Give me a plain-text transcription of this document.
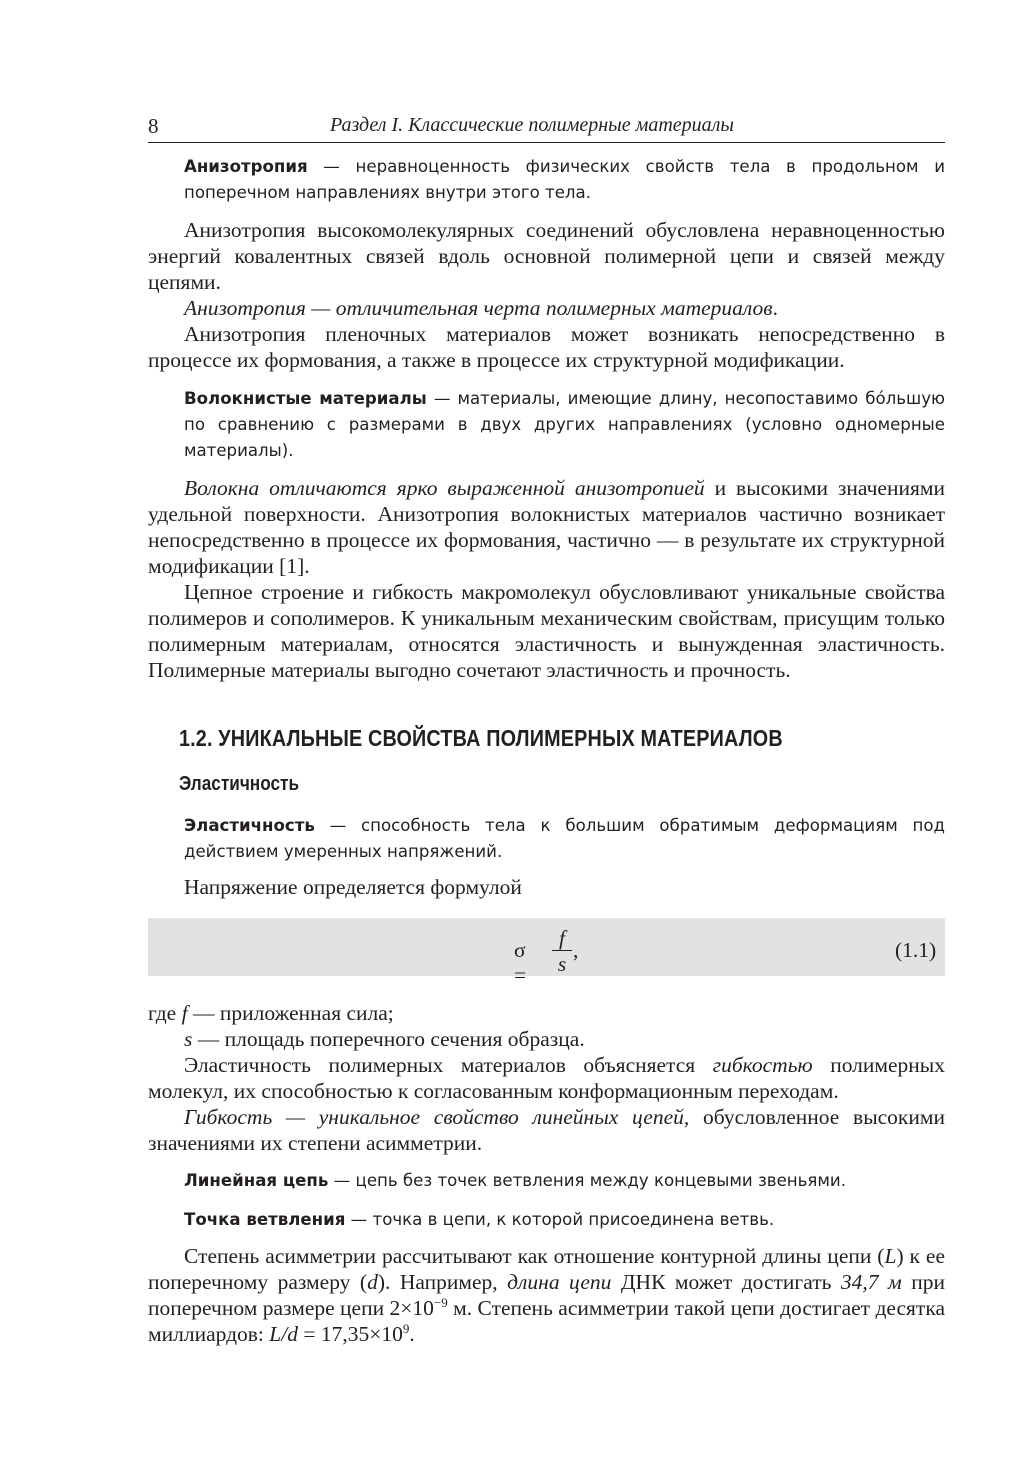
8	Раздел I. Классические полимерные материалы

Анизотропия — неравноценность физических свойств тела в продольном и поперечном направлениях внутри этого тела.

Анизотропия высокомолекулярных соединений обусловлена неравноценностью энергий ковалентных связей вдоль основной полимерной цепи и связей между цепями.

Анизотропия — отличительная черта полимерных материалов.

Анизотропия пленочных материалов может возникать непосредственно в процессе их формования, а также в процессе их структурной модификации.

Волокнистые материалы — материалы, имеющие длину, несопоставимо бóльшую по сравнению с размерами в двух других направлениях (условно одномерные материалы).

Волокна отличаются ярко выраженной анизотропией и высокими значениями удельной поверхности. Анизотропия волокнистых материалов частично возникает непосредственно в процессе их формования, частично — в результате их структурной модификации [1].

Цепное строение и гибкость макромолекул обусловливают уникальные свойства полимеров и сополимеров. К уникальным механическим свойствам, присущим только полимерным материалам, относятся эластичность и вынужденная эластичность. Полимерные материалы выгодно сочетают эластичность и прочность.

1.2. УНИКАЛЬНЫЕ СВОЙСТВА ПОЛИМЕРНЫХ МАТЕРИАЛОВ
Эластичность

Эластичность — способность тела к большим обратимым деформациям под действием умеренных напряжений.

Напряжение определяется формулой

σ =
f
s
,	(1.1)

где f — приложенная сила;

s — площадь поперечного сечения образца.

Эластичность полимерных материалов объясняется гибкостью полимерных молекул, их способностью к согласованным конформационным переходам.

Гибкость — уникальное свойство линейных цепей, обусловленное высокими значениями их степени асимметрии.

Линейная цепь — цепь без точек ветвления между концевыми звеньями.

Точка ветвления — точка в цепи, к которой присоединена ветвь.

Степень асимметрии рассчитывают как отношение контурной длины цепи (L) к ее поперечному размеру (d). Например, длина цепи ДНК может достигать 34,7 м при поперечном размере цепи $2\times 10^{-9}$ м. Степень асимметрии такой цепи достигает десятка миллиардов: $L/d = 17,35\times 10^9$.
